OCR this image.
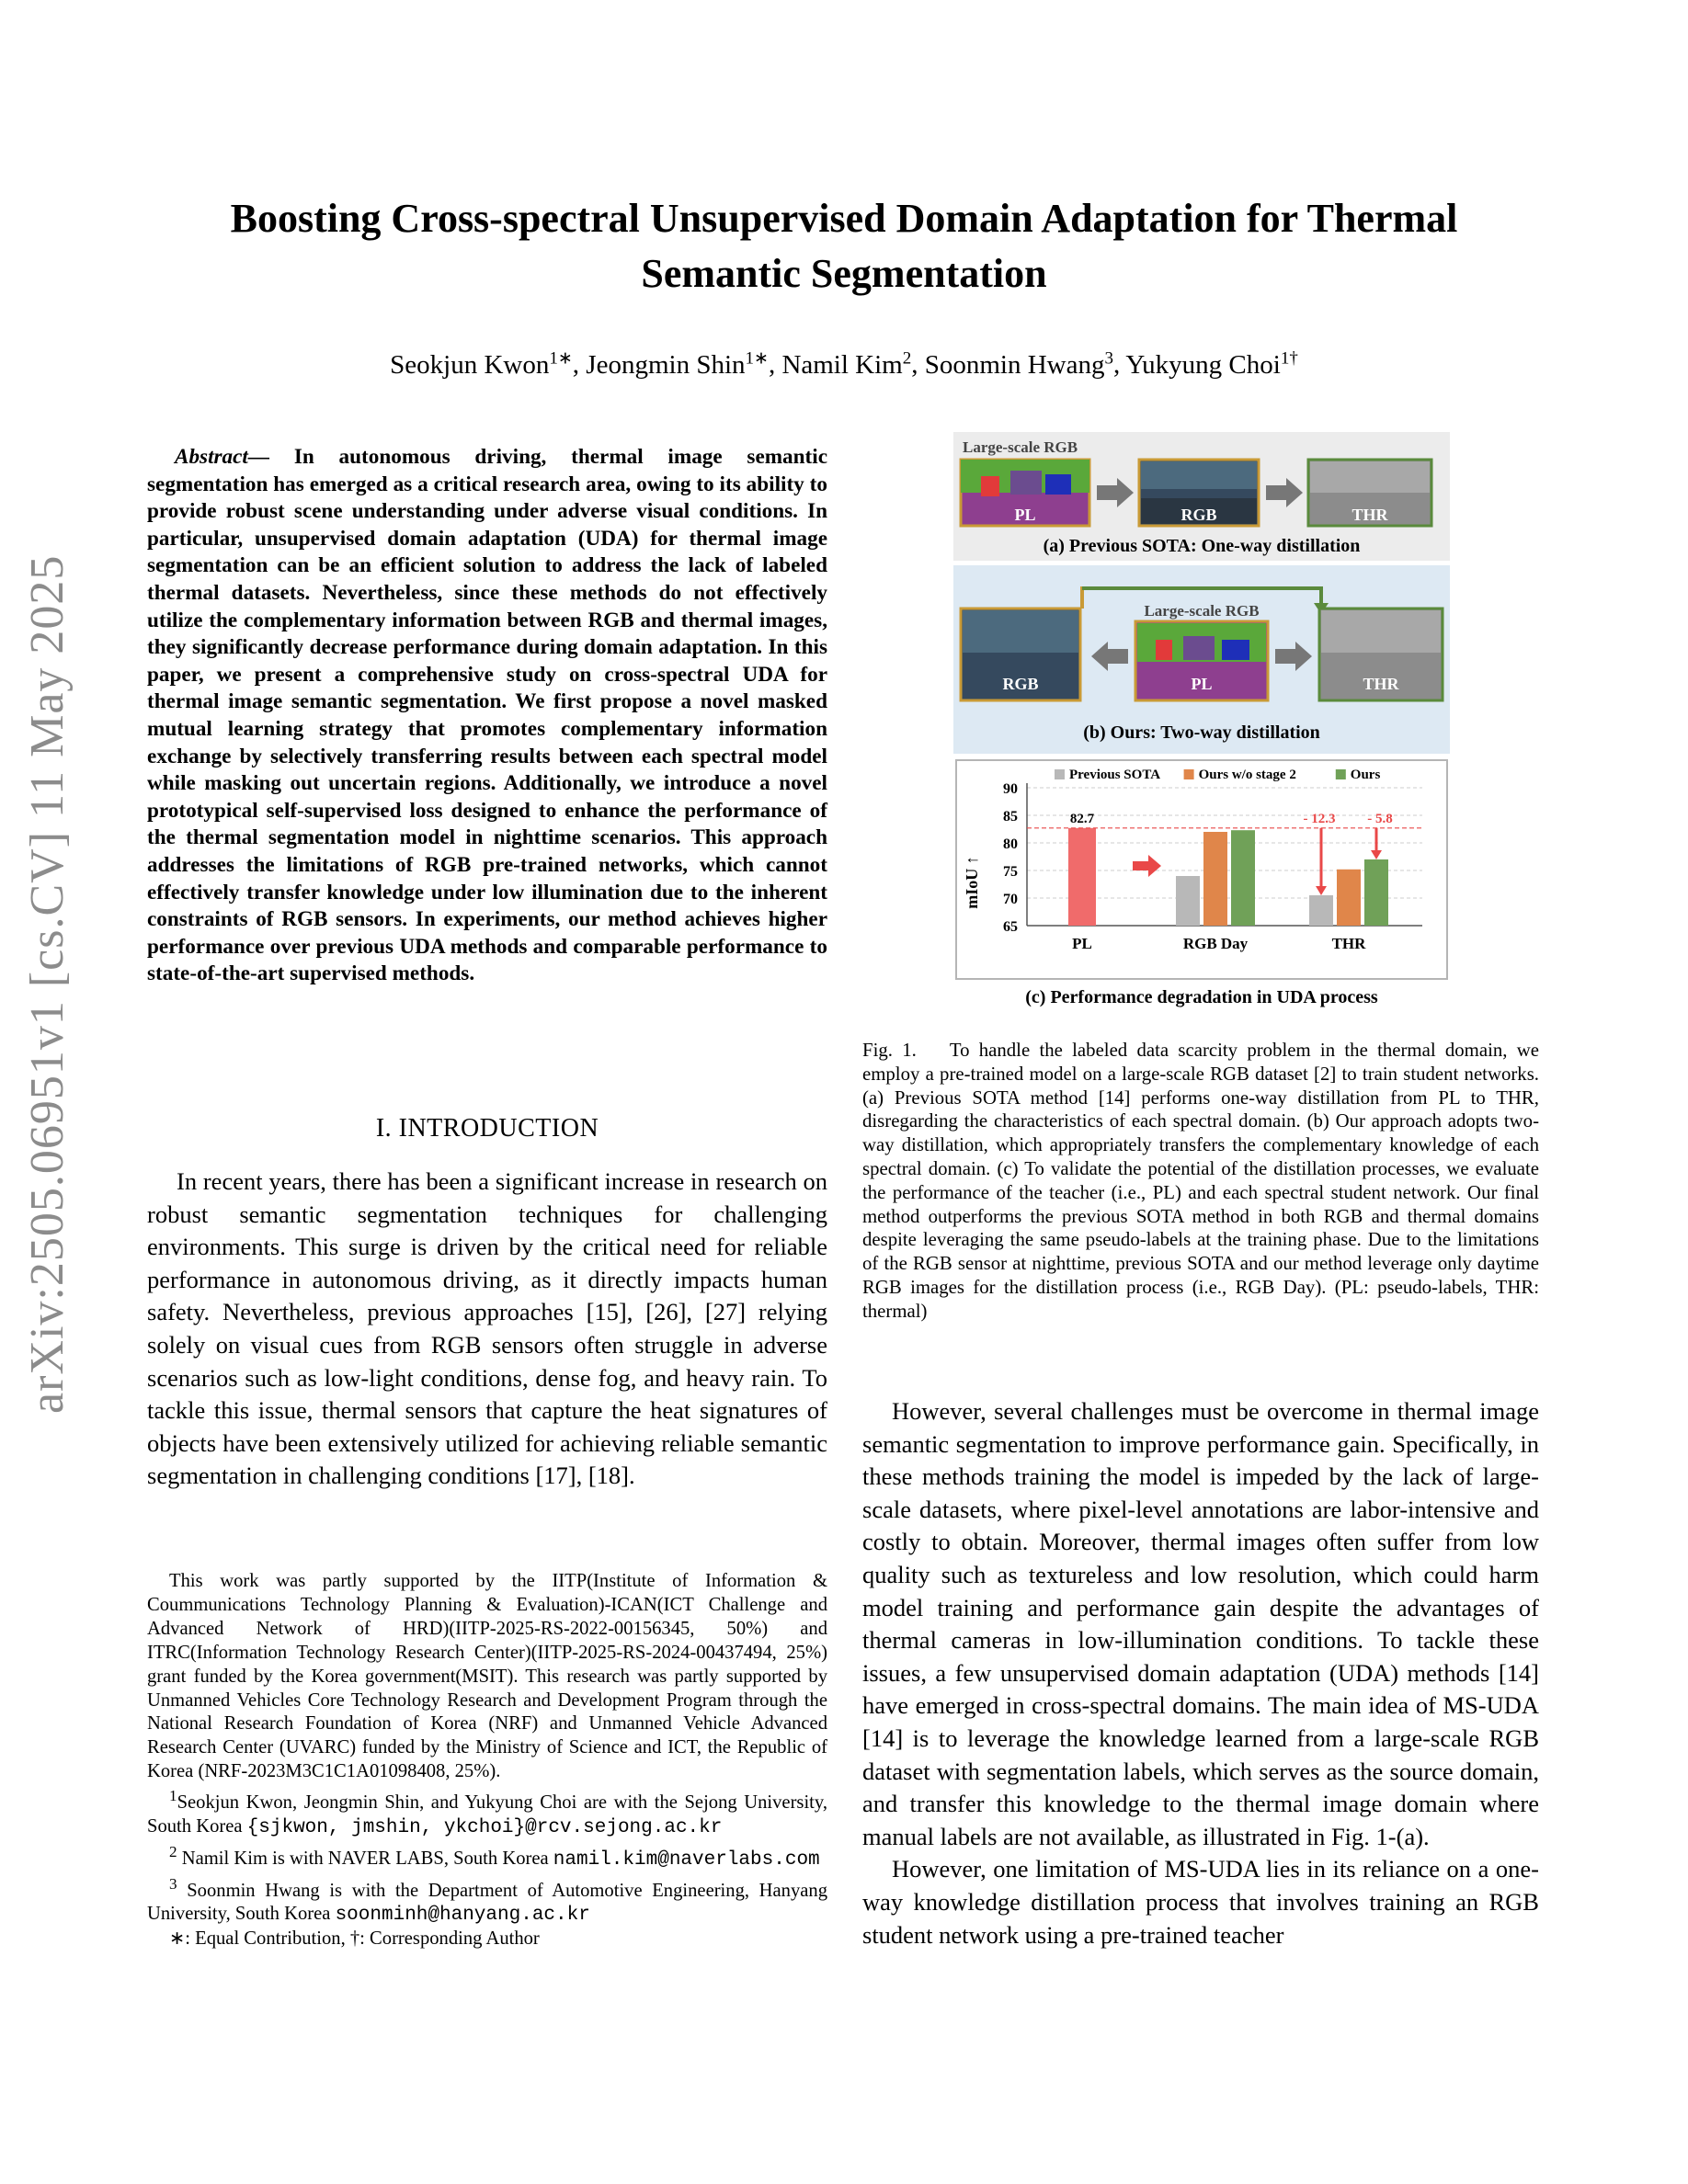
arXiv:2505.06951v1 [cs.CV] 11 May 2025
Boosting Cross-spectral Unsupervised Domain Adaptation for Thermal
Semantic Segmentation
Seokjun Kwon$^{1∗}$, Jeongmin Shin$^{1∗}$, Namil Kim$^2$, Soonmin Hwang$^3$, Yukyung Choi$^{1\dagger}$
Abstract— In autonomous driving, thermal image semantic segmentation has emerged as a critical research area, owing to its ability to provide robust scene understanding under adverse visual conditions. In particular, unsupervised domain adaptation (UDA) for thermal image segmentation can be an efficient solution to address the lack of labeled thermal datasets. Nevertheless, since these methods do not effectively utilize the complementary information between RGB and thermal images, they significantly decrease performance during domain adaptation. In this paper, we present a comprehensive study on cross-spectral UDA for thermal image semantic segmentation. We first propose a novel masked mutual learning strategy that promotes complementary information exchange by selectively transferring results between each spectral model while masking out uncertain regions. Additionally, we introduce a novel prototypical self-supervised loss designed to enhance the performance of the thermal segmentation model in nighttime scenarios. This approach addresses the limitations of RGB pre-trained networks, which cannot effectively transfer knowledge under low illumination due to the inherent constraints of RGB sensors. In experiments, our method achieves higher performance over previous UDA methods and comparable performance to state-of-the-art supervised methods.
I. INTRODUCTION

In recent years, there has been a significant increase in research on robust semantic segmentation techniques for challenging environments. This surge is driven by the critical need for reliable performance in autonomous driving, as it directly impacts human safety. Nevertheless, previous approaches [15], [26], [27] relying solely on visual cues from RGB sensors often struggle in adverse scenarios such as low-light conditions, dense fog, and heavy rain. To tackle this issue, thermal sensors that capture the heat signatures of objects have been extensively utilized for achieving reliable semantic segmentation in challenging conditions [17], [18].

This work was partly supported by the IITP(Institute of Information & Coummunications Technology Planning & Evaluation)-ICAN(ICT Challenge and Advanced Network of HRD)(IITP-2025-RS-2022-00156345, 50%) and ITRC(Information Technology Research Center)(IITP-2025-RS-2024-00437494, 25%) grant funded by the Korea government(MSIT). This research was partly supported by Unmanned Vehicles Core Technology Research and Development Program through the National Research Foundation of Korea (NRF) and Unmanned Vehicle Advanced Research Center (UVARC) funded by the Ministry of Science and ICT, the Republic of Korea (NRF-2023M3C1C1A01098408, 25%).

$^1$Seokjun Kwon, Jeongmin Shin, and Yukyung Choi are with the Sejong University, South Korea {sjkwon, jmshin, ykchoi}@rcv.sejong.ac.kr

$^2$ Namil Kim is with NAVER LABS, South Korea namil.kim@naverlabs.com

$^3$ Soonmin Hwang is with the Department of Automotive Engineering, Hanyang University, South Korea soonminh@hanyang.ac.kr

∗: Equal Contribution, †: Corresponding Author

Large-scale RGB
PL	RGB	THR
(a) Previous SOTA: One-way distillation
Large-scale RGB
RGB	PL	THR
(b) Ours: Two-way distillation
mIoU ↑
65
70
75
80
85
90
PL	RGB Day	THR
Previous SOTA	Ours w/o stage 2	Ours
82.7	- 12.3 - 5.8
(c) Performance degradation in UDA process
Fig. 1. To handle the labeled data scarcity problem in the thermal domain, we employ a pre-trained model on a large-scale RGB dataset [2] to train student networks. (a) Previous SOTA method [14] performs one-way distillation from PL to THR, disregarding the characteristics of each spectral domain. (b) Our approach adopts two-way distillation, which appropriately transfers the complementary knowledge of each spectral domain. (c) To validate the potential of the distillation processes, we evaluate the performance of the teacher (i.e., PL) and each spectral student network. Our final method outperforms the previous SOTA method in both RGB and thermal domains despite leveraging the same pseudo-labels at the training phase. Due to the limitations of the RGB sensor at nighttime, previous SOTA and our method leverage only daytime RGB images for the distillation process (i.e., RGB Day). (PL: pseudo-labels, THR: thermal)

However, several challenges must be overcome in thermal image semantic segmentation to improve performance gain. Specifically, in these methods training the model is impeded by the lack of large-scale datasets, where pixel-level annotations are labor-intensive and costly to obtain. Moreover, thermal images often suffer from low quality such as textureless and low resolution, which could harm model training and performance gain despite the advantages of thermal cameras in low-illumination conditions. To tackle these issues, a few unsupervised domain adaptation (UDA) methods [14] have emerged in cross-spectral domains. The main idea of MS-UDA [14] is to leverage the knowledge learned from a large-scale RGB dataset with segmentation labels, which serves as the source domain, and transfer this knowledge to the thermal image domain where manual labels are not available, as illustrated in Fig. 1-(a).

However, one limitation of MS-UDA lies in its reliance on a one-way knowledge distillation process that involves training an RGB student network using a pre-trained teacher
